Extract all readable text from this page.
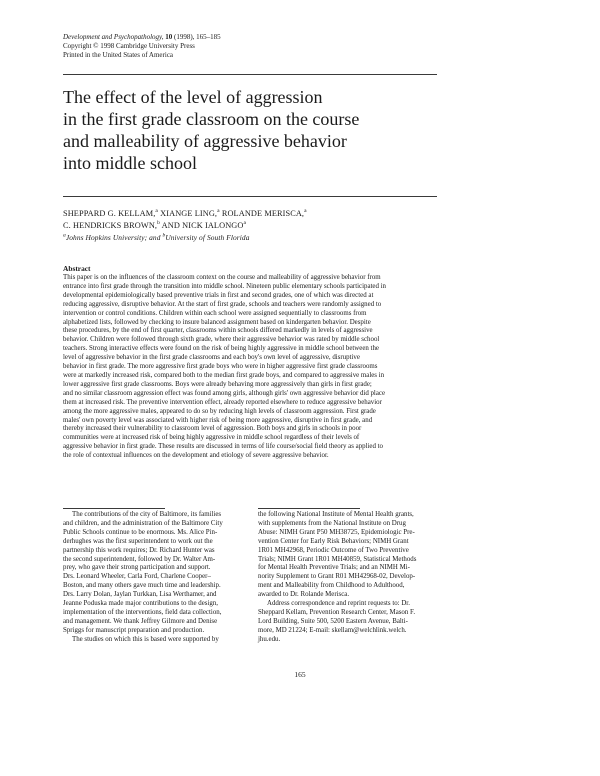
Development and Psychopathology, 10 (1998), 165–185
Copyright © 1998 Cambridge University Press
Printed in the United States of America
The effect of the level of aggression
in the first grade classroom on the course
and malleability of aggressive behavior
into middle school
SHEPPARD G. KELLAM,$^a$ XIANGE LING,$^a$ ROLANDE MERISCA,$^a$
C. HENDRICKS BROWN,$^b$ AND NICK IALONGO$^a$
$^a$Johns Hopkins University; and $^b$University of South Florida
Abstract
This paper is on the influences of the classroom context on the course and malleability of aggressive behavior from
entrance into first grade through the transition into middle school. Nineteen public elementary schools participated in
developmental epidemiologically based preventive trials in first and second grades, one of which was directed at
reducing aggressive, disruptive behavior. At the start of first grade, schools and teachers were randomly assigned to
intervention or control conditions. Children within each school were assigned sequentially to classrooms from
alphabetized lists, followed by checking to insure balanced assignment based on kindergarten behavior. Despite
these procedures, by the end of first quarter, classrooms within schools differed markedly in levels of aggressive
behavior. Children were followed through sixth grade, where their aggressive behavior was rated by middle school
teachers. Strong interactive effects were found on the risk of being highly aggressive in middle school between the
level of aggressive behavior in the first grade classrooms and each boy's own level of aggressive, disruptive
behavior in first grade. The more aggressive first grade boys who were in higher aggressive first grade classrooms
were at markedly increased risk, compared both to the median first grade boys, and compared to aggressive males in
lower aggressive first grade classrooms. Boys were already behaving more aggressively than girls in first grade;
and no similar classroom aggression effect was found among girls, although girls' own aggressive behavior did place
them at increased risk. The preventive intervention effect, already reported elsewhere to reduce aggressive behavior
among the more aggressive males, appeared to do so by reducing high levels of classroom aggression. First grade
males' own poverty level was associated with higher risk of being more aggressive, disruptive in first grade, and
thereby increased their vulnerability to classroom level of aggression. Both boys and girls in schools in poor
communities were at increased risk of being highly aggressive in middle school regardless of their levels of
aggressive behavior in first grade. These results are discussed in terms of life course/social field theory as applied to
the role of contextual influences on the development and etiology of severe aggressive behavior.
The contributions of the city of Baltimore, its families
and children, and the administration of the Baltimore City
Public Schools continue to be enormous. Ms. Alice Pin-
derhughes was the first superintendent to work out the
partnership this work requires; Dr. Richard Hunter was
the second superintendent, followed by Dr. Walter Am-
prey, who gave their strong participation and support.
Drs. Leonard Wheeler, Carla Ford, Charlene Cooper–
Boston, and many others gave much time and leadership.
Drs. Larry Dolan, Jaylan Turkkan, Lisa Werthamer, and
Jeanne Poduska made major contributions to the design,
implementation of the interventions, field data collection,
and management. We thank Jeffrey Gilmore and Denise
Spriggs for manuscript preparation and production.
The studies on which this is based were supported by
the following National Institute of Mental Health grants,
with supplements from the National Institute on Drug
Abuse: NIMH Grant P50 MH38725, Epidemiologic Pre-
vention Center for Early Risk Behaviors; NIMH Grant
1R01 MH42968, Periodic Outcome of Two Preventive
Trials; NIMH Grant 1R01 MH40859, Statistical Methods
for Mental Health Preventive Trials; and an NIMH Mi-
nority Supplement to Grant R01 MH42968-02, Develop-
ment and Malleability from Childhood to Adulthood,
awarded to Dr. Rolande Merisca.
Address correspondence and reprint requests to: Dr.
Sheppard Kellam, Prevention Research Center, Mason F.
Lord Building, Suite 500, 5200 Eastern Avenue, Balti-
more, MD 21224; E-mail: skellam@welchlink.welch.
jhu.edu.
165
